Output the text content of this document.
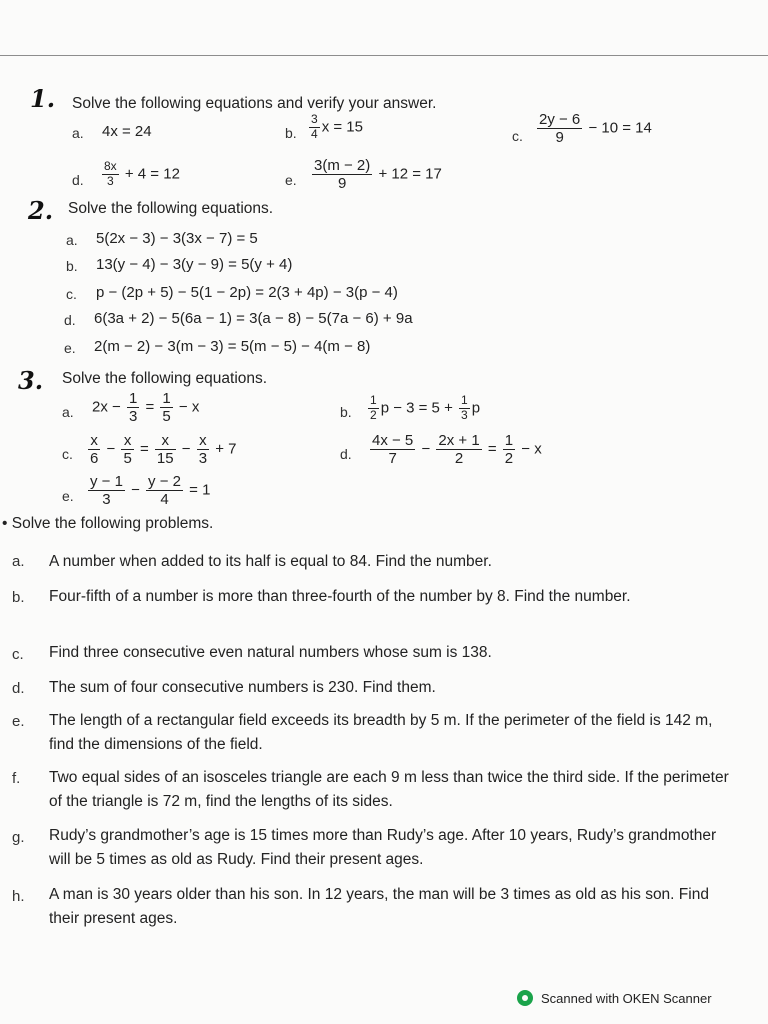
1. Solve the following equations and verify your answer.
a. 4x = 24	b. $\frac{3}{4}$ x = 15
c. $\frac{2y - 6}{9} - 10 = 14$
d. $\frac{8x}{3} + 4 = 12$	e. $\frac{3(m - 2)}{9} + 12 = 17$
2. Solve the following equations.
a. 5(2x − 3) − 3(3x − 7) = 5
b. 13(y − 4) − 3(y − 9) = 5(y + 4)
c. p − (2p + 5) − 5(1 − 2p) = 2(3 + 4p) − 3(p − 4)
d. 6(3a + 2) − 5(6a − 1) = 3(a − 8) − 5(7a − 6) + 9a
e. 2(m − 2) − 3(m − 3) = 5(m − 5) − 4(m − 8)
3. Solve the following equations.
a. $2x - \frac{1}{3} = \frac{1}{5} - x$	b. $\frac{1}{2}$ $p - 3 = 5 + \frac{1}{3}$ p
c. $\frac{x}{6} - \frac{x}{5} = \frac{x}{15} - \frac{x}{3} + 7$	d. $\frac{4x - 5}{7} - \frac{2x + 1}{2} = \frac{1}{2} - x$
e. $\frac{y - 1}{3} - \frac{y - 2}{4} = 1$
• Solve the following problems.
a. A number when added to its half is equal to 84. Find the number.
b. Four-fifth of a number is more than three-fourth of the number by 8. Find the number.
c. Find three consecutive even natural numbers whose sum is 138.
d. The sum of four consecutive numbers is 230. Find them.
e. The length of a rectangular field exceeds its breadth by 5 m. If the perimeter of the field is 142 m, find the dimensions of the field.
f. Two equal sides of an isosceles triangle are each 9 m less than twice the third side. If the perimeter of the triangle is 72 m, find the lengths of its sides.
g. Rudy’s grandmother’s age is 15 times more than Rudy’s age. After 10 years, Rudy’s grandmother will be 5 times as old as Rudy. Find their present ages.
h. A man is 30 years older than his son. In 12 years, the man will be 3 times as old as his son. Find their present ages.
Scanned with OKEN Scanner
